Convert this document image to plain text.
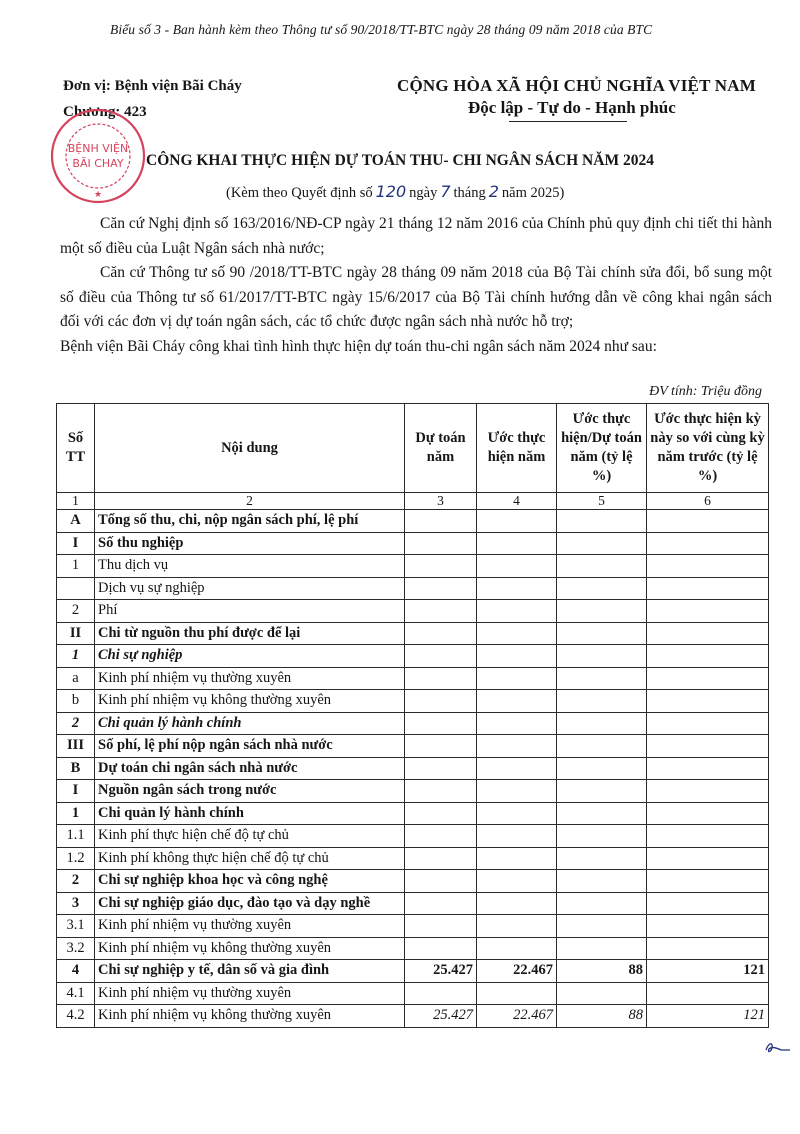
Biểu số 3 - Ban hành kèm theo Thông tư số 90/2018/TT-BTC ngày 28 tháng 09 năm 2018 của BTC
Đơn vị: Bệnh viện Bãi Cháy
Chương: 423
CỘNG HÒA XÃ HỘI CHỦ NGHĨA VIỆT NAM
Độc lập - Tự do - Hạnh phúc
BỆNH VIỆN
BÃI CHAY
★
CÔNG KHAI THỰC HIỆN DỰ TOÁN THU- CHI NGÂN SÁCH NĂM 2024
(Kèm theo Quyết định số 120 ngày 7 tháng 2 năm 2025)

Căn cứ Nghị định số 163/2016/NĐ-CP ngày 21 tháng 12 năm 2016 của Chính phủ quy định chi tiết thi hành một số điều của Luật Ngân sách nhà nước;

Căn cứ Thông tư số 90 /2018/TT-BTC ngày 28 tháng 09 năm 2018 của Bộ Tài chính sửa đổi, bổ sung một số điều của Thông tư số 61/2017/TT-BTC ngày 15/6/2017 của Bộ Tài chính hướng dẫn về công khai ngân sách đối với các đơn vị dự toán ngân sách, các tổ chức được ngân sách nhà nước hỗ trợ;

Bệnh viện Bãi Cháy công khai tình hình thực hiện dự toán thu-chi ngân sách năm 2024 như sau:

ĐV tính: Triệu đồng
Số TT	Nội dung	Dự toán năm	Ước thực hiện năm	Ước thực hiện/Dự toán năm (tỷ lệ %)	Ước thực hiện kỳ này so với cùng kỳ năm trước (tỷ lệ %)
1	2	3	4	5	6
A	Tổng số thu, chi, nộp ngân sách phí, lệ phí				
I	Số thu nghiệp				
1	Thu dịch vụ				
	Dịch vụ sự nghiệp				
2	Phí				
II	Chi từ nguồn thu phí được để lại				
1	Chi sự nghiệp				
a	Kinh phí nhiệm vụ thường xuyên				
b	Kinh phí nhiệm vụ không thường xuyên				
2	Chi quản lý hành chính				
III	Số phí, lệ phí nộp ngân sách nhà nước				
B	Dự toán chi ngân sách nhà nước				
I	Nguồn ngân sách trong nước				
1	Chi quản lý hành chính				
1.1	Kinh phí thực hiện chế độ tự chủ				
1.2	Kinh phí không thực hiện chế độ tự chủ				
2	Chi sự nghiệp khoa học và công nghệ				
3	Chi sự nghiệp giáo dục, đào tạo và dạy nghề				
3.1	Kinh phí nhiệm vụ thường xuyên				
3.2	Kinh phí nhiệm vụ không thường xuyên				
4	Chi sự nghiệp y tế, dân số và gia đình	25.427	22.467	88	121
4.1	Kinh phí nhiệm vụ thường xuyên				
4.2	Kinh phí nhiệm vụ không thường xuyên	25.427	22.467	88	121
